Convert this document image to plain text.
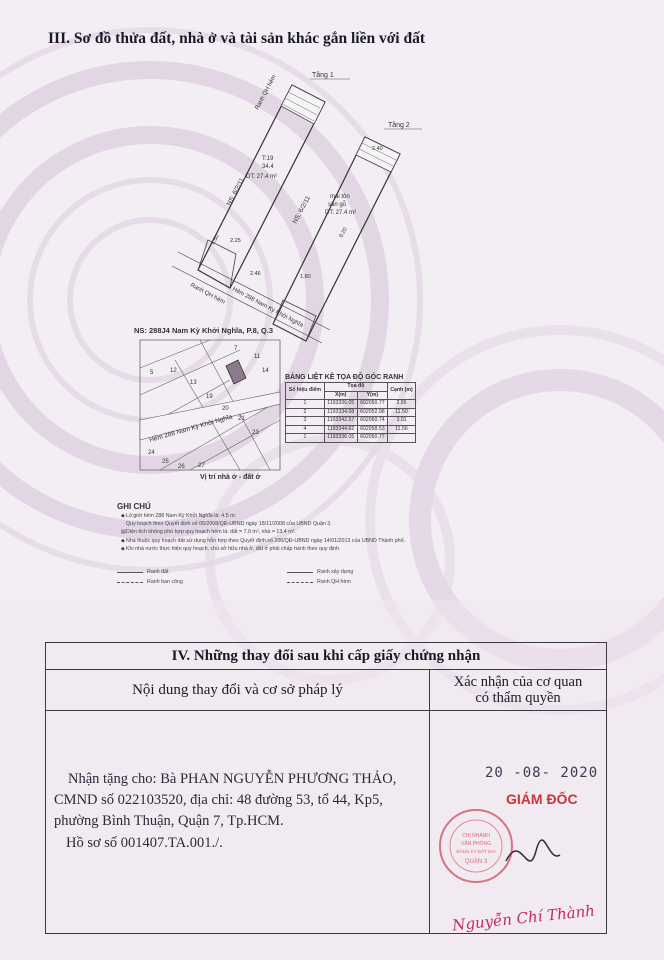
III. Sơ đồ thửa đất, nhà ở và tài sản khác gắn liền với đất
Tầng 1
Ranh QH hẻm
NS: 6/2/11
T:19
34.4
DT: 27.4 m²
4.50 2.25
2.46
Tầng 2
NS: 6/2/11	mái tôn
sàn gỗ
DT: 27.4 m²
2.40
9.20
1.80
Ranh QH hẻm Hẻm 288 Nam Kỳ Khởi Nghĩa
Hẻm 288 Nam Kỳ Khởi Nghĩa
5	12
13
11
14
19
20
21
23
24
25
26 27
7
NS: 288J4 Nam Kỳ Khởi Nghĩa, P.8, Q.3
Vị trí nhà ở - đất ở
BẢNG LIỆT KÊ TỌA ĐỘ GÓC RANH
Số hiệu điểm	Tọa độ		Cạnh (m)
	X(m)	Y(m)	
1	1193336.05	602050.77	2.96
2	1193334.08	602052.98	11.50
3	1193342.57	602060.74	3.01
4	1193344.62	602058.53	11.56
1	1193336.05	602050.77	
GHI CHÚ
◆Lộ giới hẻm 288 Nam Kỳ Khởi Nghĩa là: 4.5 m;
Quy hoạch theo Quyết định số 05/2008/QĐ-UBND ngày 18/11/2008 của UBND Quận 3.
▤Diện tích không phù hợp quy hoạch hẻm là: đất = 7.0 m², nhà = 13.4 m².
◆Nhà thuộc quy hoạch đất sử dụng hỗn hợp theo Quyết định số 206/QĐ-UBND ngày 14/01/2013 của UBND Thành phố.
◆Khi nhà nước thực hiện quy hoạch, chủ sở hữu nhà ở, đất ở phải chấp hành theo quy định.
Ranh đất	Ranh xây dựng
Ranh ban công	Ranh QH hẻm
IV. Những thay đổi sau khi cấp giấy chứng nhận
Nội dung thay đổi và cơ sở pháp lý	Xác nhận của cơ quan
có thẩm quyền
Nhận tặng cho: Bà PHAN NGUYỄN PHƯƠNG THẢO, CMND số 022103520, địa chỉ: 48 đường 53, tổ 44, Kp5, phường Bình Thuận, Quận 7, Tp.HCM.
Hồ sơ số 001407.TA.001./.
20 -08- 2020
GIÁM ĐỐC
CHI NHÁNH
VĂN PHÒNG
ĐĂNG KÝ ĐẤT ĐAI
QUẬN 3
Nguyễn Chí Thành
